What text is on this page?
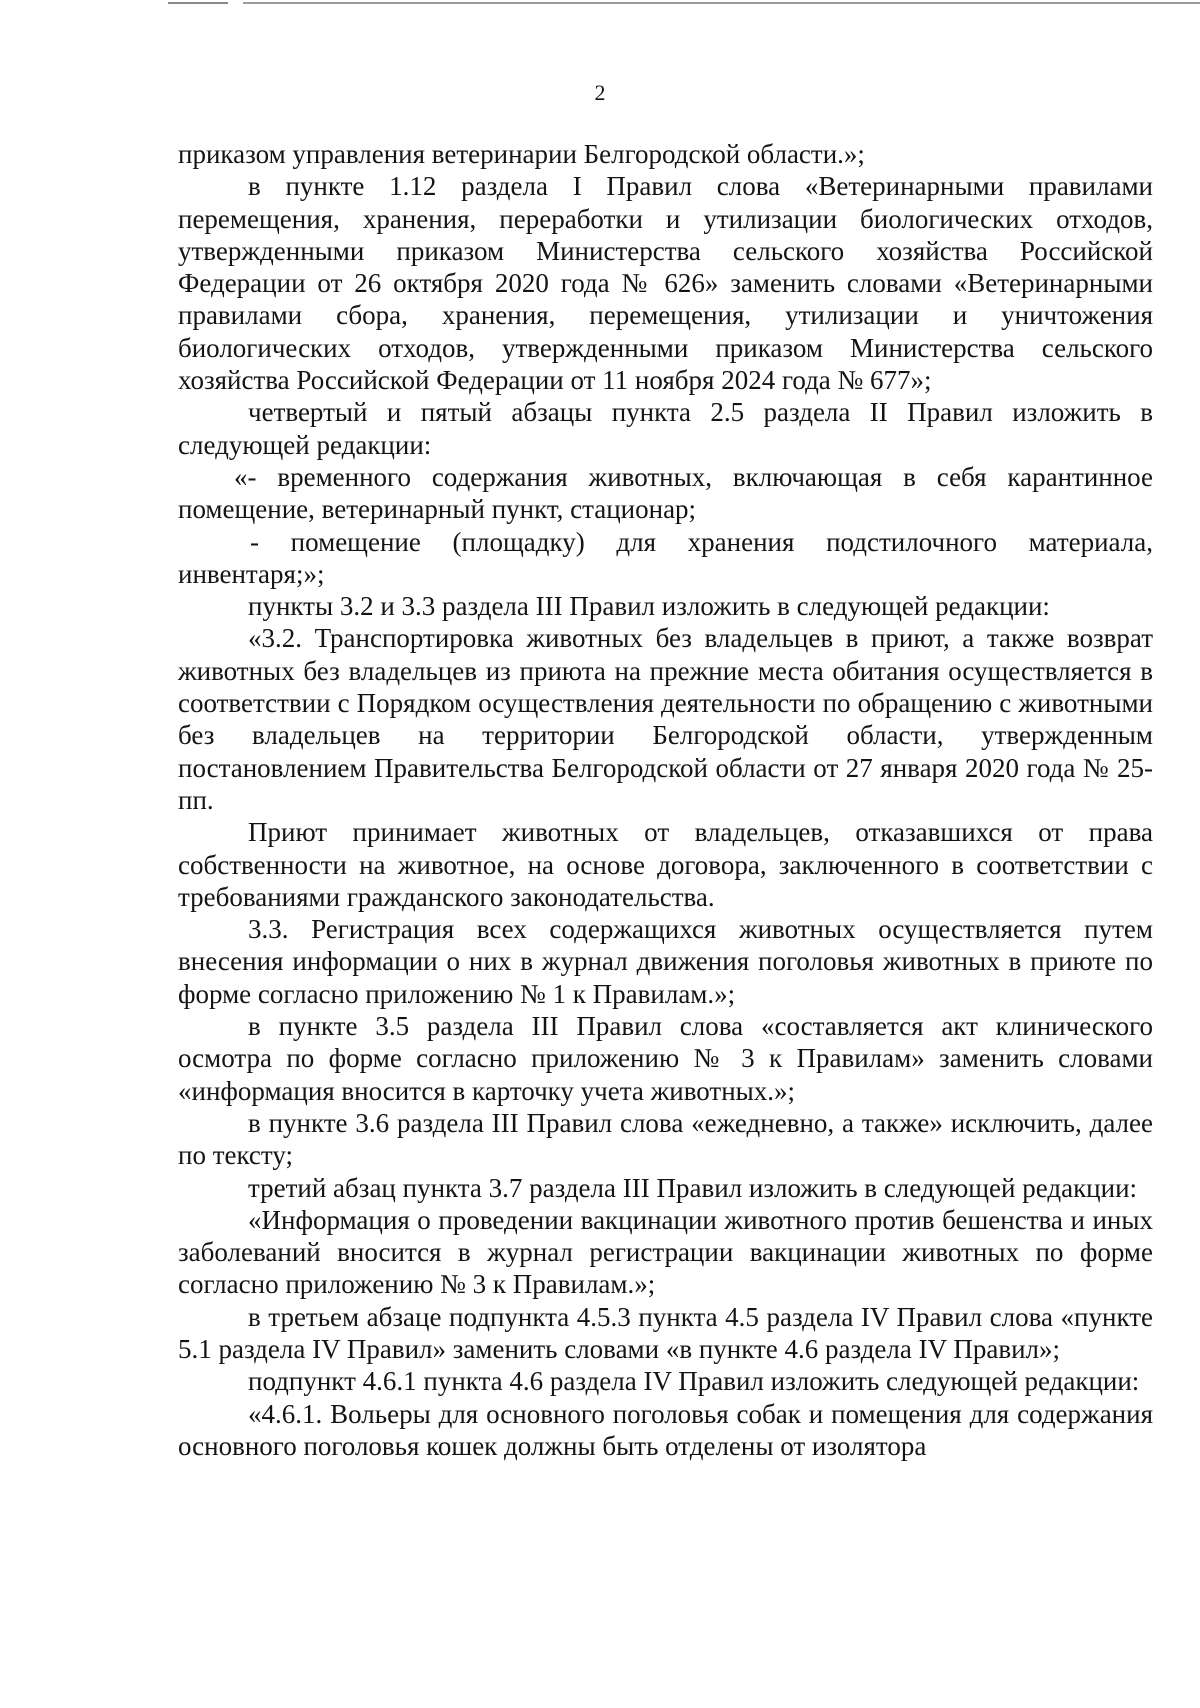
2

приказом управления ветеринарии Белгородской области.»;

в пункте 1.12 раздела I Правил слова «Ветеринарными правилами перемещения, хранения, переработки и утилизации биологических отходов, утвержденными приказом Министерства сельского хозяйства Российской Федерации от 26 октября 2020 года № 626» заменить словами «Ветеринарными правилами сбора, хранения, перемещения, утилизации и уничтожения биологических отходов, утвержденными приказом Министерства сельского хозяйства Российской Федерации от 11 ноября 2024 года № 677»;

четвертый и пятый абзацы пункта 2.5 раздела II Правил изложить в следующей редакции:

«- временного содержания животных, включающая в себя карантинное помещение, ветеринарный пункт, стационар;

- помещение (площадку) для хранения подстилочного материала, инвентаря;»;

пункты 3.2 и 3.3 раздела III Правил изложить в следующей редакции:

«3.2. Транспортировка животных без владельцев в приют, а также возврат животных без владельцев из приюта на прежние места обитания осуществляется в соответствии с Порядком осуществления деятельности по обращению с животными без владельцев на территории Белгородской области, утвержденным постановлением Правительства Белгородской области от 27 января 2020 года № 25-пп.

Приют принимает животных от владельцев, отказавшихся от права собственности на животное, на основе договора, заключенного в соответствии с требованиями гражданского законодательства.

3.3. Регистрация всех содержащихся животных осуществляется путем внесения информации о них в журнал движения поголовья животных в приюте по форме согласно приложению № 1 к Правилам.»;

в пункте 3.5 раздела III Правил слова «составляется акт клинического осмотра по форме согласно приложению № 3 к Правилам» заменить словами «информация вносится в карточку учета животных.»;

в пункте 3.6 раздела III Правил слова «ежедневно, а также» исключить, далее по тексту;

третий абзац пункта 3.7 раздела III Правил изложить в следующей редакции:

«Информация о проведении вакцинации животного против бешенства и иных заболеваний вносится в журнал регистрации вакцинации животных по форме согласно приложению № 3 к Правилам.»;

в третьем абзаце подпункта 4.5.3 пункта 4.5 раздела IV Правил слова «пункте 5.1 раздела IV Правил» заменить словами «в пункте 4.6 раздела IV Правил»;

подпункт 4.6.1 пункта 4.6 раздела IV Правил изложить следующей редакции:

«4.6.1. Вольеры для основного поголовья собак и помещения для содержания основного поголовья кошек должны быть отделены от изолятора
